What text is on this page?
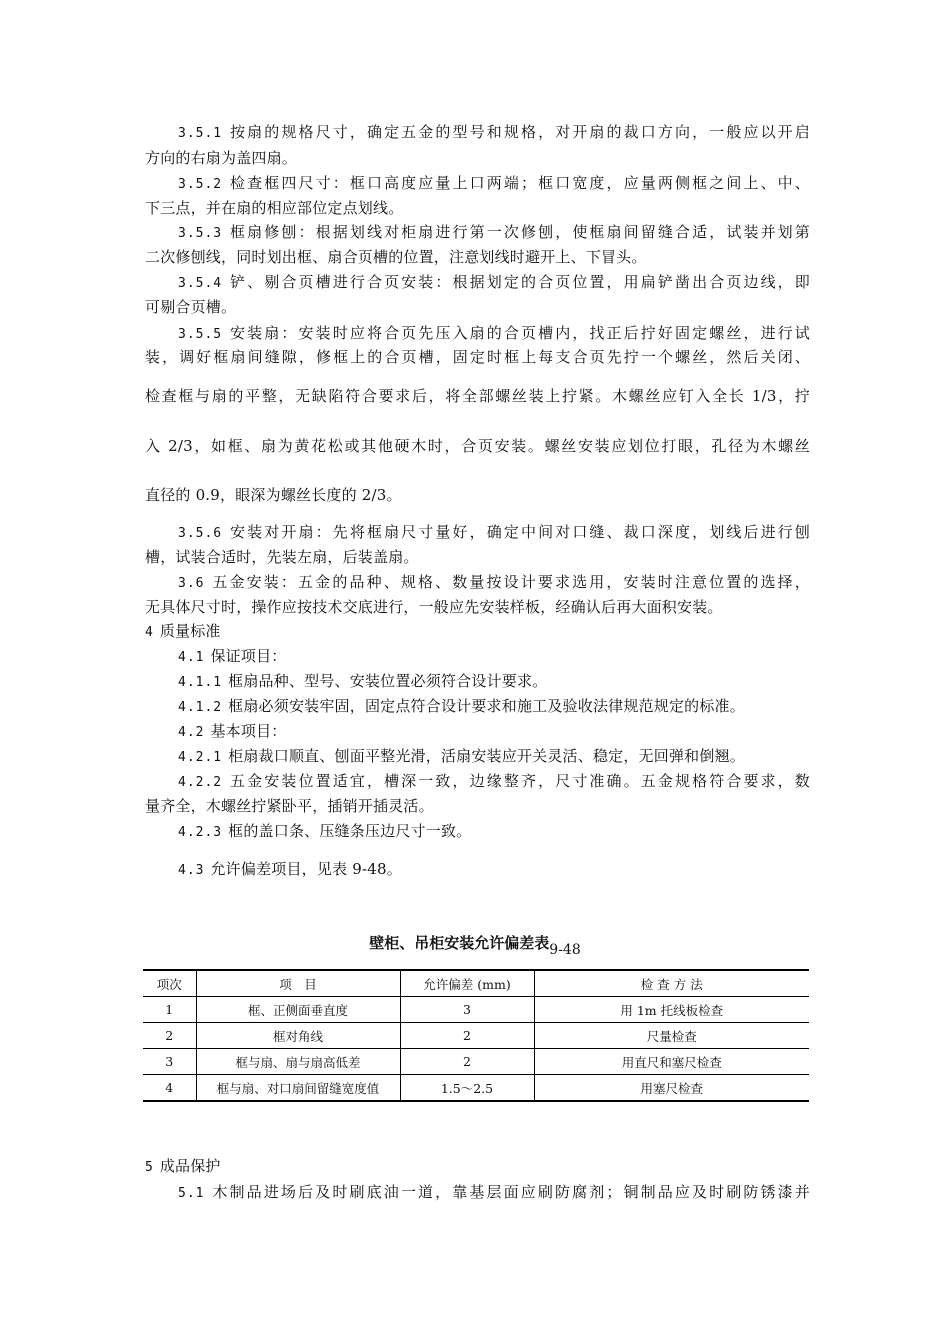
3.5.1 按扇的规格尺寸，确定五金的型号和规格，对开扇的裁口方向，一般应以开启
方向的右扇为盖四扇。
3.5.2 检查框四尺寸：框口高度应量上口两端；框口宽度，应量两侧框之间上、中、
下三点，并在扇的相应部位定点划线。
3.5.3 框扇修刨：根据划线对柜扇进行第一次修刨，使框扇间留缝合适，试装并划第
二次修刨线，同时划出框、扇合页槽的位置，注意划线时避开上、下冒头。
3.5.4 铲、剔合页槽进行合页安装：根据划定的合页位置，用扁铲凿出合页边线，即
可剔合页槽。
3.5.5 安装扇：安装时应将合页先压入扇的合页槽内，找正后拧好固定螺丝，进行试
装，调好框扇间缝隙，修框上的合页槽，固定时框上每支合页先拧一个螺丝，然后关闭、
检查框与扇的平整，无缺陷符合要求后，将全部螺丝装上拧紧。木螺丝应钉入全长 1/3，拧
入 2/3，如框、扇为黄花松或其他硬木时，合页安装。螺丝安装应划位打眼，孔径为木螺丝
直径的 0.9，眼深为螺丝长度的 2/3。
3.5.6 安装对开扇：先将框扇尺寸量好，确定中间对口缝、裁口深度，划线后进行刨
槽，试装合适时，先装左扇，后装盖扇。
3.6 五金安装：五金的品种、规格、数量按设计要求选用，安装时注意位置的选择，
无具体尺寸时，操作应按技术交底进行，一般应先安装样板，经确认后再大面积安装。
4 质量标准
4.1 保证项目：
4.1.1 框扇品种、型号、安装位置必须符合设计要求。
4.1.2 框扇必须安装牢固，固定点符合设计要求和施工及验收法律规范规定的标准。
4.2 基本项目：
4.2.1 柜扇裁口顺直、刨面平整光滑，活扇安装应开关灵活、稳定，无回弹和倒翘。
4.2.2 五金安装位置适宜，槽深一致，边缘整齐，尺寸准确。五金规格符合要求，数
量齐全，木螺丝拧紧卧平，插销开插灵活。
4.2.3 框的盖口条、压缝条压边尺寸一致。
4.3 允许偏差项目，见表 9-48。
壁柜、吊柜安装允许偏差表9-48
项次	项　目	允许偏差 (mm)	检 查 方 法
1	框、正侧面垂直度	3	用 1m 托线板检查
2	框对角线	2	尺量检查
3	框与扇、扇与扇高低差	2	用直尺和塞尺检查
4	框与扇、对口扇间留缝宽度值	1.5～2.5	用塞尺检查
5 成品保护
5.1 木制品进场后及时刷底油一道，靠基层面应刷防腐剂；铜制品应及时刷防锈漆并
